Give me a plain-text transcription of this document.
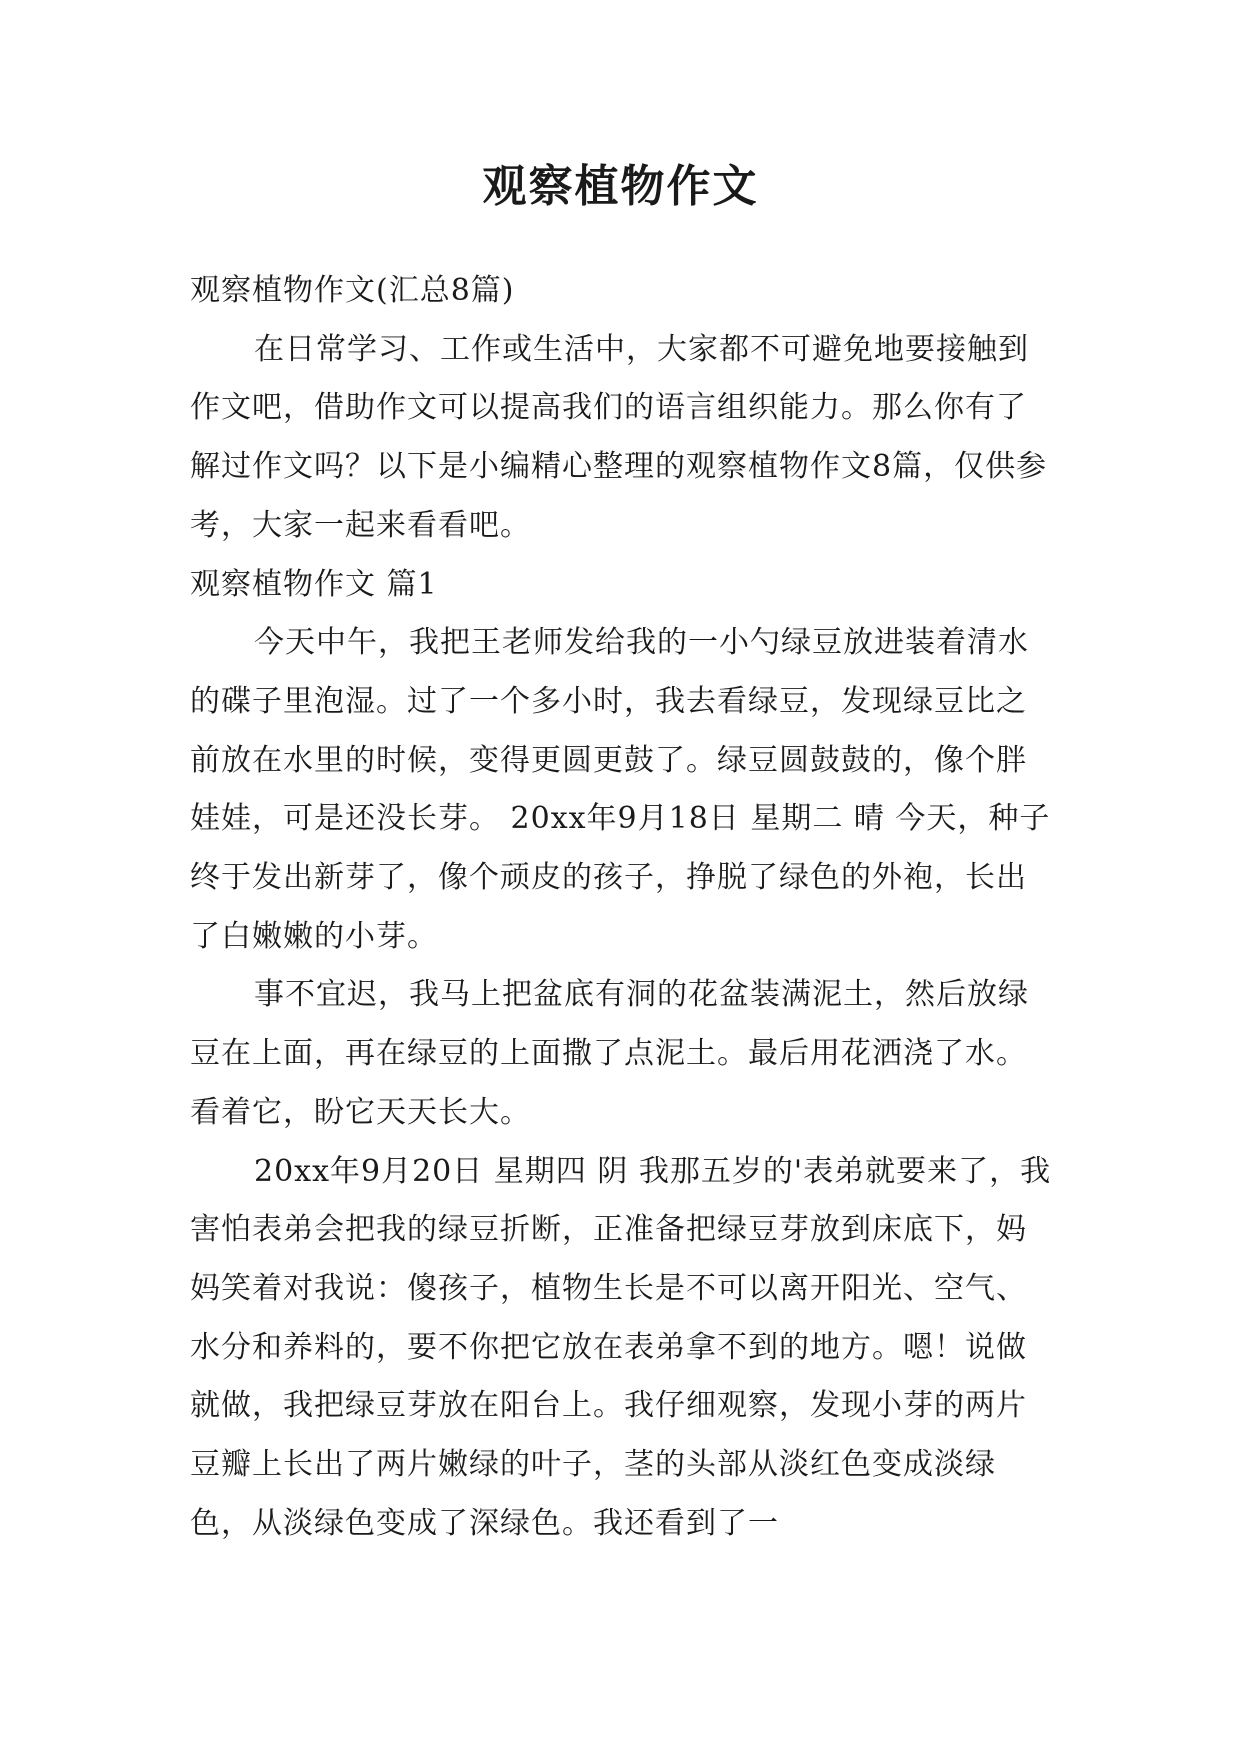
观察植物作文

观察植物作文(汇总8篇)

在日常学习、工作或生活中，大家都不可避免地要接触到作文吧，借助作文可以提高我们的语言组织能力。那么你有了解过作文吗？以下是小编精心整理的观察植物作文8篇，仅供参考，大家一起来看看吧。

观察植物作文 篇1

今天中午，我把王老师发给我的一小勺绿豆放进装着清水的碟子里泡湿。过了一个多小时，我去看绿豆，发现绿豆比之前放在水里的时候，变得更圆更鼓了。绿豆圆鼓鼓的，像个胖娃娃，可是还没长芽。 20xx年9月18日 星期二 晴 今天，种子终于发出新芽了，像个顽皮的孩子，挣脱了绿色的外袍，长出了白嫩嫩的小芽。

事不宜迟，我马上把盆底有洞的花盆装满泥土，然后放绿豆在上面，再在绿豆的上面撒了点泥土。最后用花洒浇了水。看着它，盼它天天长大。

20xx年9月20日 星期四 阴 我那五岁的'表弟就要来了，我害怕表弟会把我的绿豆折断，正准备把绿豆芽放到床底下，妈妈笑着对我说：傻孩子，植物生长是不可以离开阳光、空气、水分和养料的，要不你把它放在表弟拿不到的地方。嗯！说做就做，我把绿豆芽放在阳台上。我仔细观察，发现小芽的两片豆瓣上长出了两片嫩绿的叶子，茎的头部从淡红色变成淡绿色，从淡绿色变成了深绿色。我还看到了一
